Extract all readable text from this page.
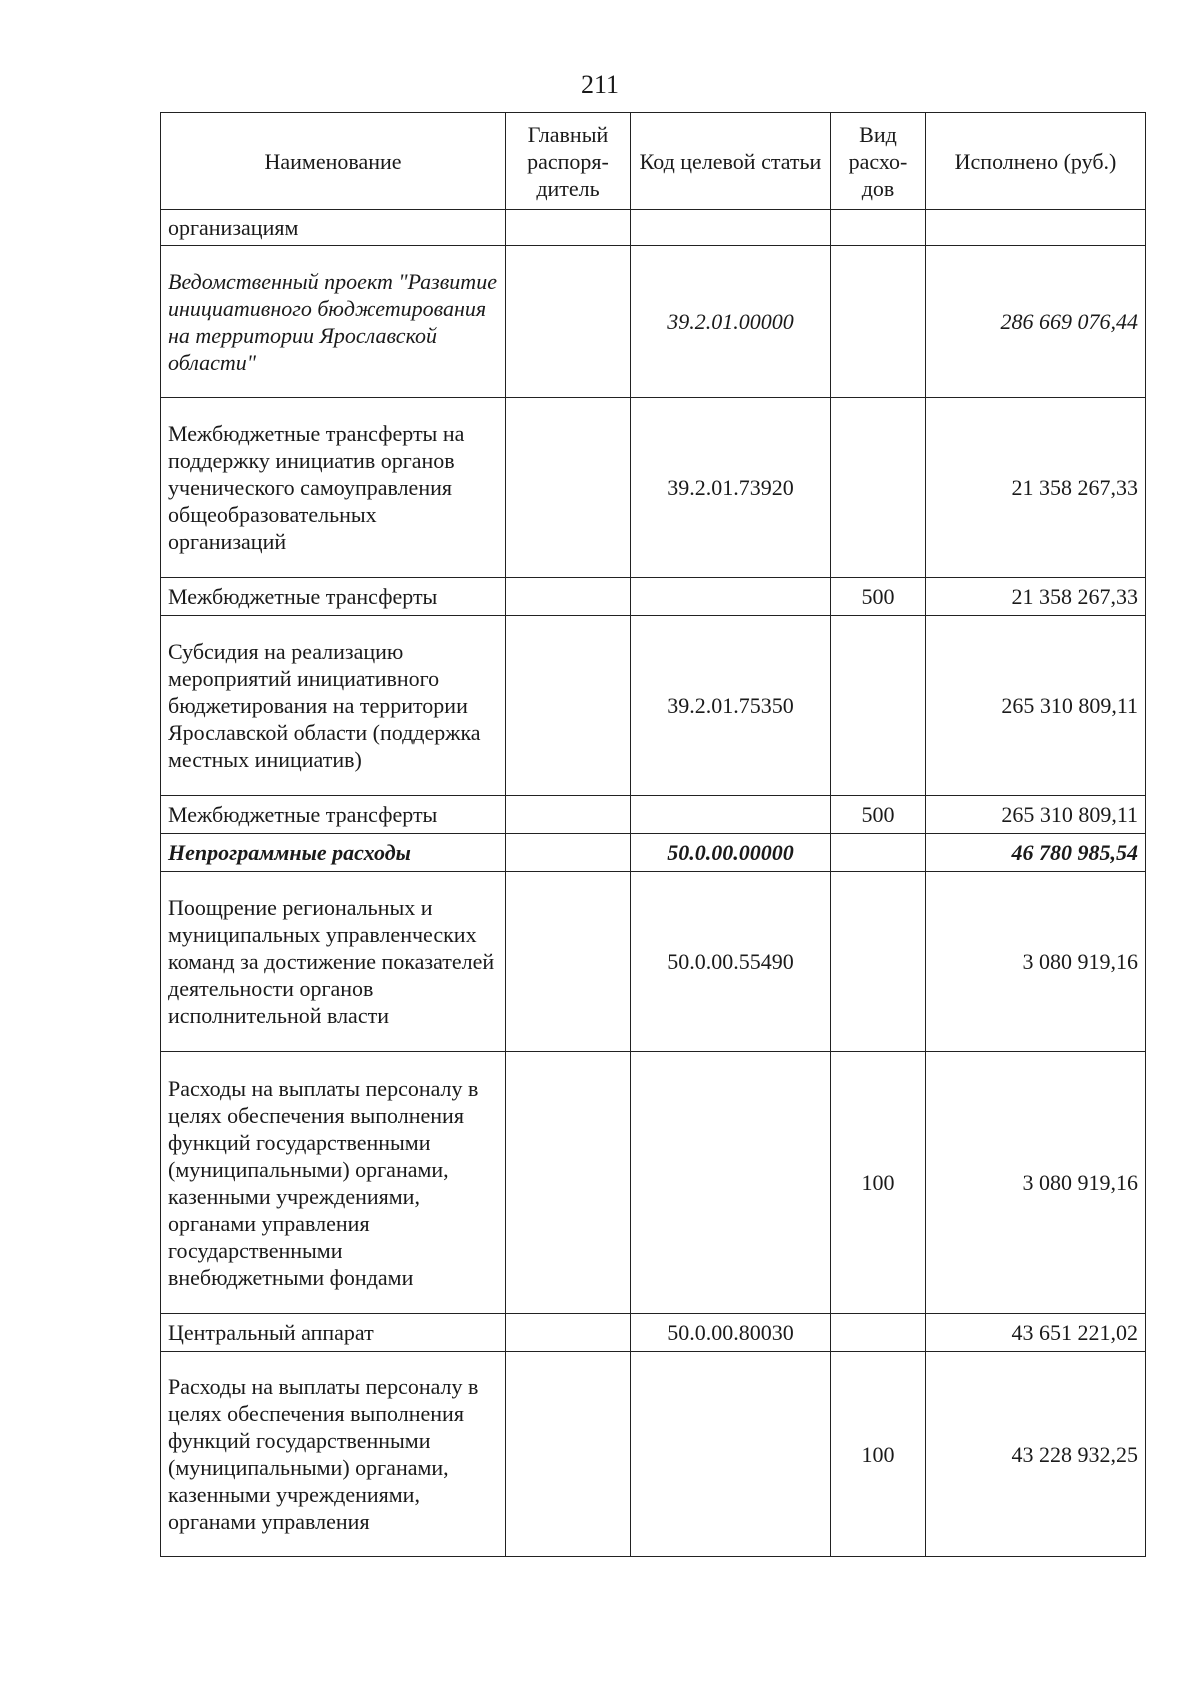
211
Наименование	Главный распоря-дитель	Код целевой статьи	Вид расхо-дов	Исполнено (руб.)
организациям				
Ведомственный проект "Развитие инициативного бюджетирования на территории Ярославской области"		39.2.01.00000		286 669 076,44
Межбюджетные трансферты на поддержку инициатив органов ученического самоуправления общеобразовательных организаций		39.2.01.73920		21 358 267,33
Межбюджетные трансферты			500	21 358 267,33
Субсидия на реализацию мероприятий инициативного бюджетирования на территории Ярославской области (поддержка местных инициатив)		39.2.01.75350		265 310 809,11
Межбюджетные трансферты			500	265 310 809,11
Непрограммные расходы		50.0.00.00000		46 780 985,54
Поощрение региональных и муниципальных управленческих команд за достижение показателей деятельности органов исполнительной власти		50.0.00.55490		3 080 919,16
Расходы на выплаты персоналу в целях обеспечения выполнения функций государственными (муниципальными) органами, казенными учреждениями, органами управления государственными внебюджетными фондами			100	3 080 919,16
Центральный аппарат		50.0.00.80030		43 651 221,02
Расходы на выплаты персоналу в целях обеспечения выполнения функций государственными (муниципальными) органами, казенными учреждениями, органами управления			100	43 228 932,25
